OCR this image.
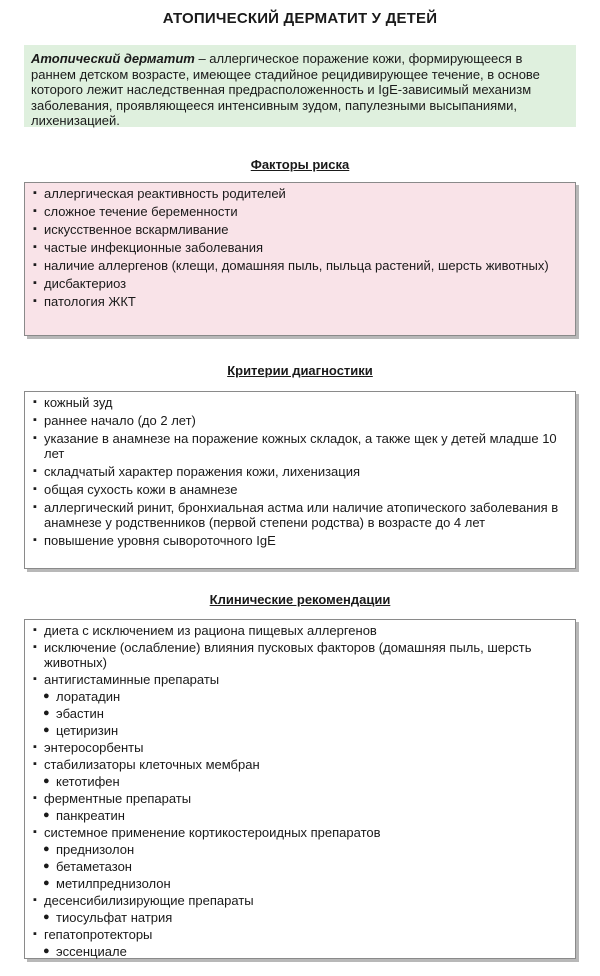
АТОПИЧЕСКИЙ ДЕРМАТИТ У ДЕТЕЙ
Атопический дерматит – аллергическое поражение кожи, формирующееся в раннем детском возрасте, имеющее стадийное рецидивирующее течение, в основе которого лежит наследственная предрасположенность и IgE-зависимый механизм заболевания, проявляющееся интенсивным зудом, папулезными высыпаниями, лихенизацией.
Факторы риска
▪ аллергическая реактивность родителей
▪ сложное течение беременности
▪ искусственное вскармливание
▪ частые инфекционные заболевания
▪ наличие аллергенов (клещи, домашняя пыль, пыльца растений, шерсть животных)
▪ дисбактериоз
▪ патология ЖКТ
Критерии диагностики
▪ кожный зуд
▪ раннее начало (до 2 лет)
▪ указание в анамнезе на поражение кожных складок, а также щек у детей младше 10 лет
▪ складчатый характер поражения кожи, лихенизация
▪ общая сухость кожи в анамнезе
▪ аллергический ринит, бронхиальная астма или наличие атопического заболевания в анамнезе у родственников (первой степени родства) в возрасте до 4 лет
▪ повышение уровня сывороточного IgE
Клинические рекомендации
▪ диета с исключением из рациона пищевых аллергенов
▪ исключение (ослабление) влияния пусковых факторов (домашняя пыль, шерсть животных)
▪ антигистаминные препараты
● лоратадин
● эбастин
● цетиризин
▪ энтеросорбенты
▪ стабилизаторы клеточных мембран
● кетотифен
▪ ферментные препараты
● панкреатин
▪ системное применение кортикостероидных препаратов
● преднизолон
● бетаметазон
● метилпреднизолон
▪ десенсибилизирующие препараты
● тиосульфат натрия
▪ гепатопротекторы
● эссенциале
